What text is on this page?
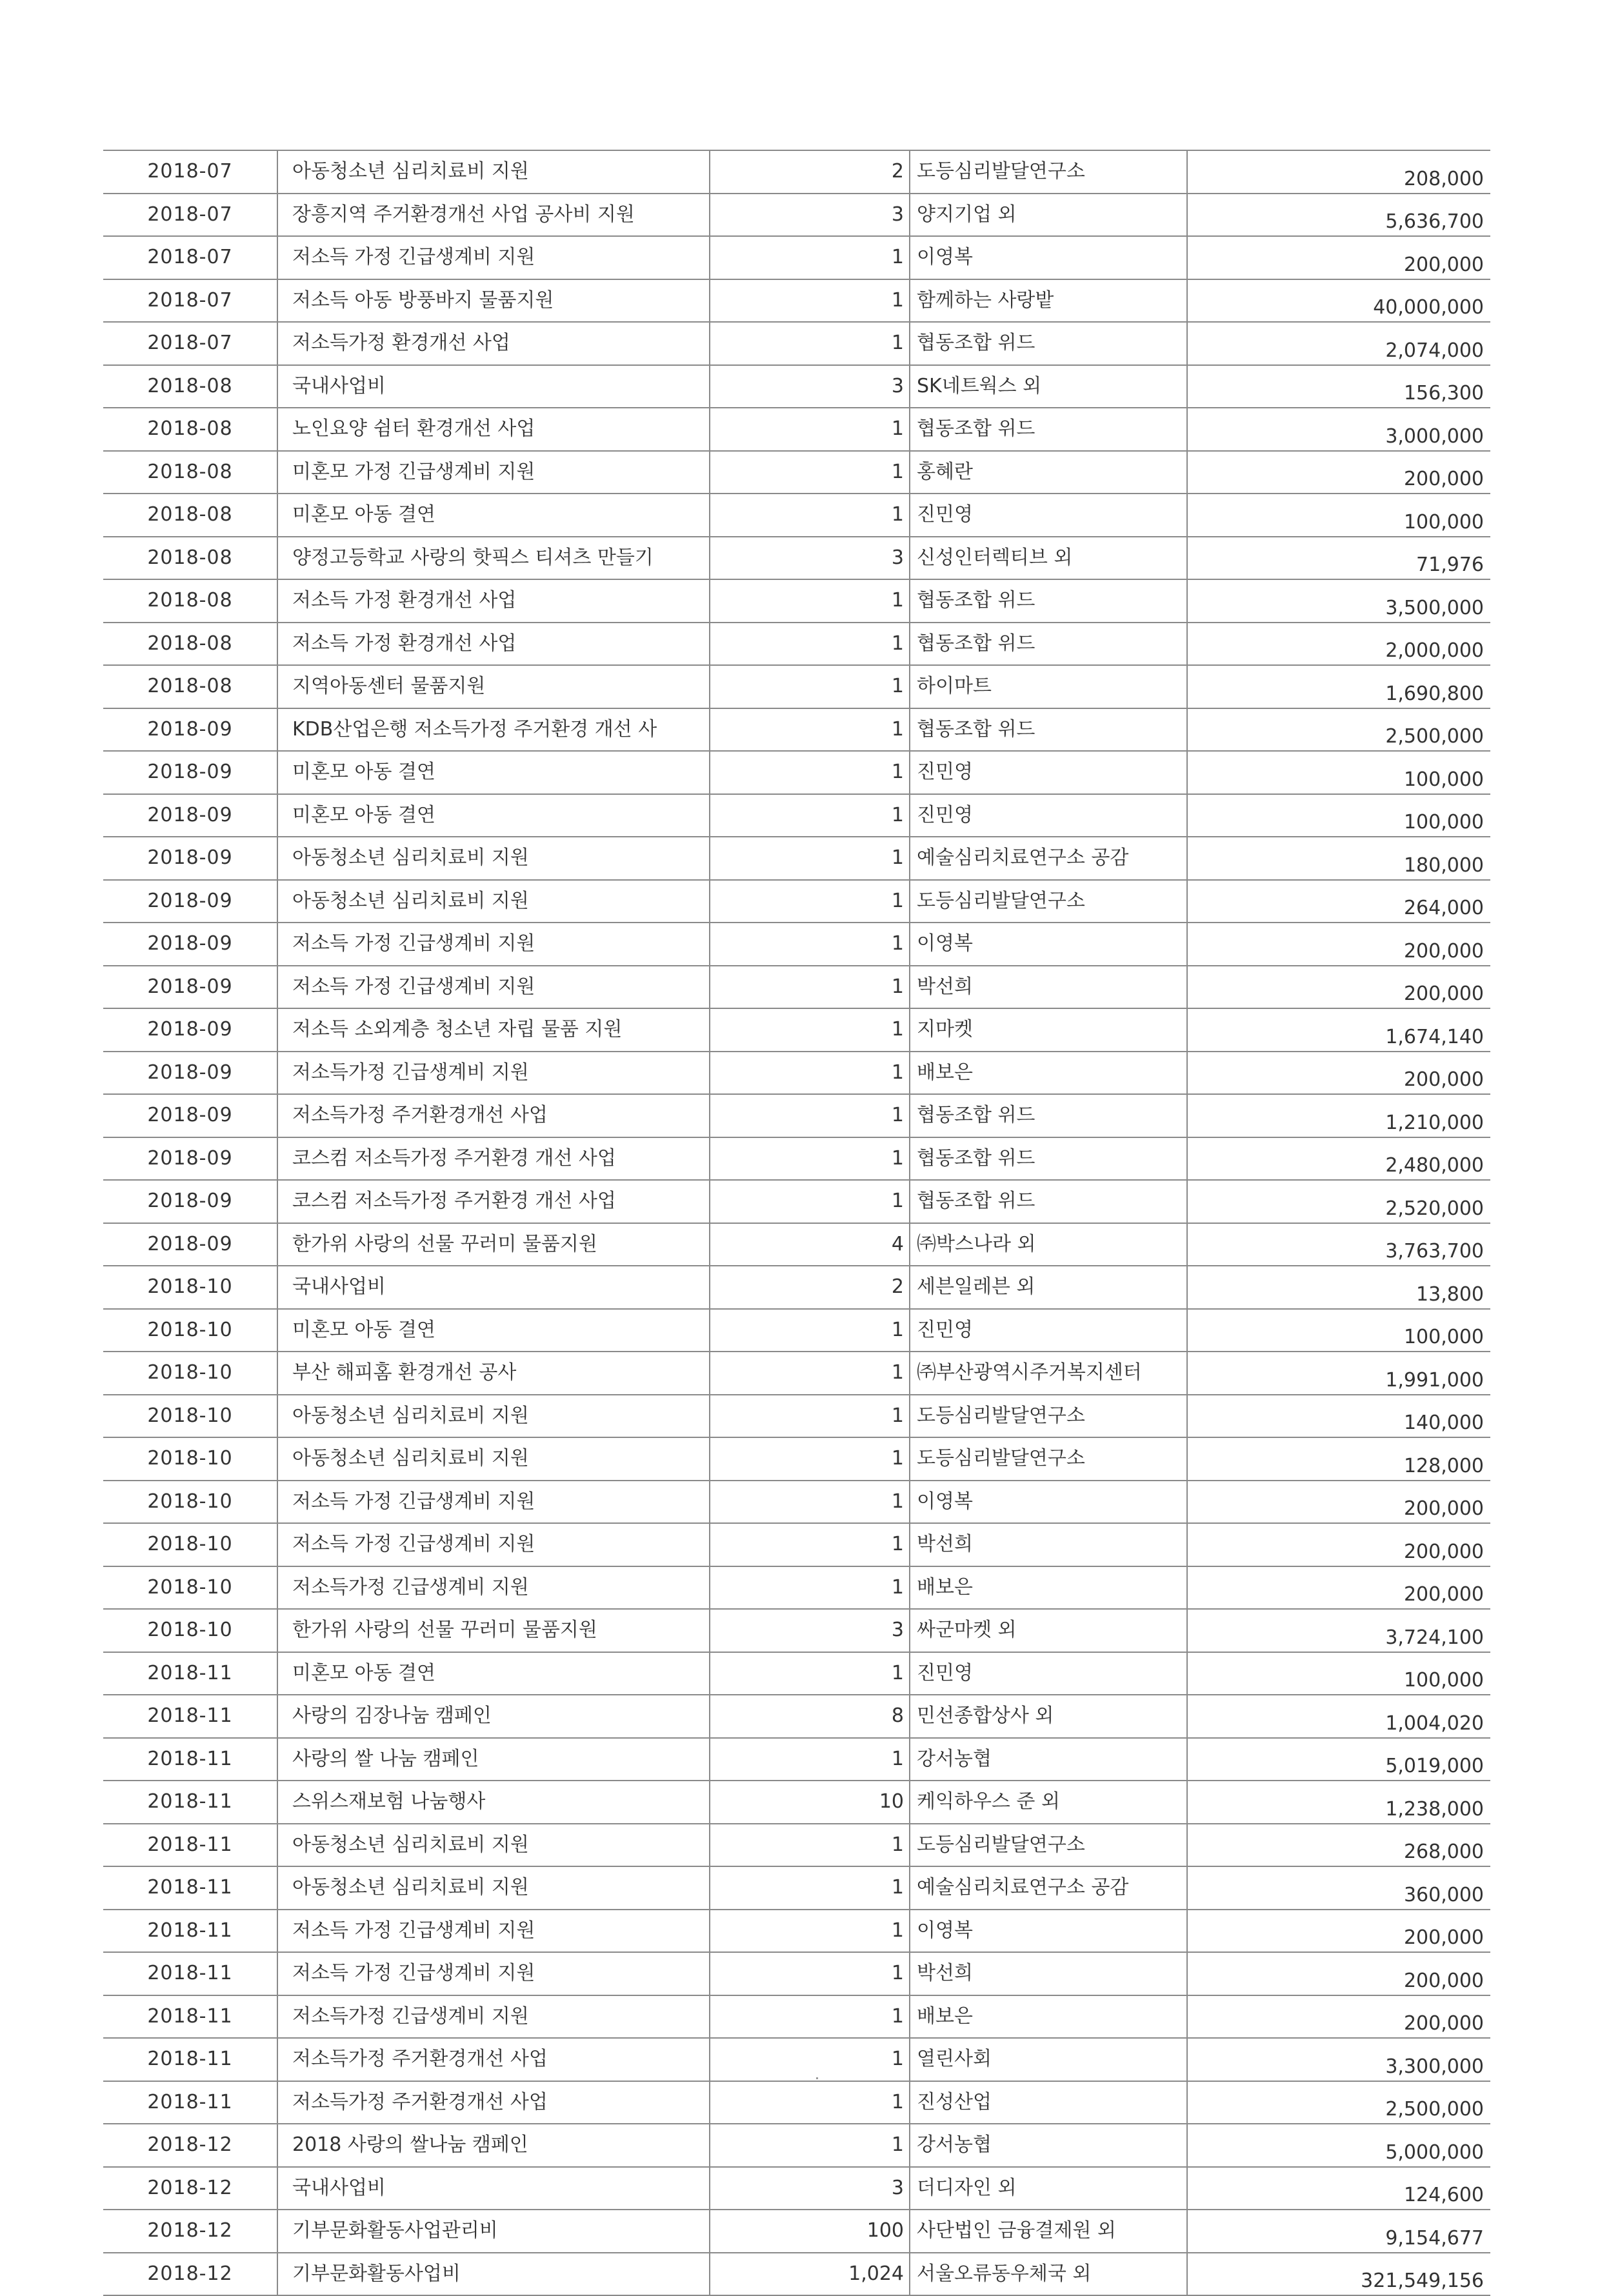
2018-07	아동청소년 심리치료비 지원	2	도등심리발달연구소	208,000
2018-07	장흥지역 주거환경개선 사업 공사비 지원	3	양지기업 외	5,636,700
2018-07	저소득 가정 긴급생계비 지원	1	이영복	200,000
2018-07	저소득 아동 방풍바지 물품지원	1	함께하는 사랑밭	40,000,000
2018-07	저소득가정 환경개선 사업	1	협동조합 위드	2,074,000
2018-08	국내사업비	3	SK네트웍스 외	156,300
2018-08	노인요양 쉼터 환경개선 사업	1	협동조합 위드	3,000,000
2018-08	미혼모 가정 긴급생계비 지원	1	홍혜란	200,000
2018-08	미혼모 아동 결연	1	진민영	100,000
2018-08	양정고등학교 사랑의 핫픽스 티셔츠 만들기	3	신성인터렉티브 외	71,976
2018-08	저소득 가정 환경개선 사업	1	협동조합 위드	3,500,000
2018-08	저소득 가정 환경개선 사업	1	협동조합 위드	2,000,000
2018-08	지역아동센터 물품지원	1	하이마트	1,690,800
2018-09	KDB산업은행 저소득가정 주거환경 개선 사	1	협동조합 위드	2,500,000
2018-09	미혼모 아동 결연	1	진민영	100,000
2018-09	미혼모 아동 결연	1	진민영	100,000
2018-09	아동청소년 심리치료비 지원	1	예술심리치료연구소 공감	180,000
2018-09	아동청소년 심리치료비 지원	1	도등심리발달연구소	264,000
2018-09	저소득 가정 긴급생계비 지원	1	이영복	200,000
2018-09	저소득 가정 긴급생계비 지원	1	박선희	200,000
2018-09	저소득 소외계층 청소년 자립 물품 지원	1	지마켓	1,674,140
2018-09	저소득가정 긴급생계비 지원	1	배보은	200,000
2018-09	저소득가정 주거환경개선 사업	1	협동조합 위드	1,210,000
2018-09	코스컴 저소득가정 주거환경 개선 사업	1	협동조합 위드	2,480,000
2018-09	코스컴 저소득가정 주거환경 개선 사업	1	협동조합 위드	2,520,000
2018-09	한가위 사랑의 선물 꾸러미 물품지원	4	㈜박스나라 외	3,763,700
2018-10	국내사업비	2	세븐일레븐 외	13,800
2018-10	미혼모 아동 결연	1	진민영	100,000
2018-10	부산 해피홈 환경개선 공사	1	㈜부산광역시주거복지센터	1,991,000
2018-10	아동청소년 심리치료비 지원	1	도등심리발달연구소	140,000
2018-10	아동청소년 심리치료비 지원	1	도등심리발달연구소	128,000
2018-10	저소득 가정 긴급생계비 지원	1	이영복	200,000
2018-10	저소득 가정 긴급생계비 지원	1	박선희	200,000
2018-10	저소득가정 긴급생계비 지원	1	배보은	200,000
2018-10	한가위 사랑의 선물 꾸러미 물품지원	3	싸군마켓 외	3,724,100
2018-11	미혼모 아동 결연	1	진민영	100,000
2018-11	사랑의 김장나눔 캠페인	8	민선종합상사 외	1,004,020
2018-11	사랑의 쌀 나눔 캠페인	1	강서농협	5,019,000
2018-11	스위스재보험 나눔행사	10	케익하우스 준 외	1,238,000
2018-11	아동청소년 심리치료비 지원	1	도등심리발달연구소	268,000
2018-11	아동청소년 심리치료비 지원	1	예술심리치료연구소 공감	360,000
2018-11	저소득 가정 긴급생계비 지원	1	이영복	200,000
2018-11	저소득 가정 긴급생계비 지원	1	박선희	200,000
2018-11	저소득가정 긴급생계비 지원	1	배보은	200,000
2018-11	저소득가정 주거환경개선 사업	1	열린사회	3,300,000
2018-11	저소득가정 주거환경개선 사업	1	진성산업	2,500,000
2018-12	2018 사랑의 쌀나눔 캠페인	1	강서농협	5,000,000
2018-12	국내사업비	3	더디자인 외	124,600
2018-12	기부문화활동사업관리비	100	사단법인 금융결제원 외	9,154,677
2018-12	기부문화활동사업비	1,024	서울오류동우체국 외	321,549,156
